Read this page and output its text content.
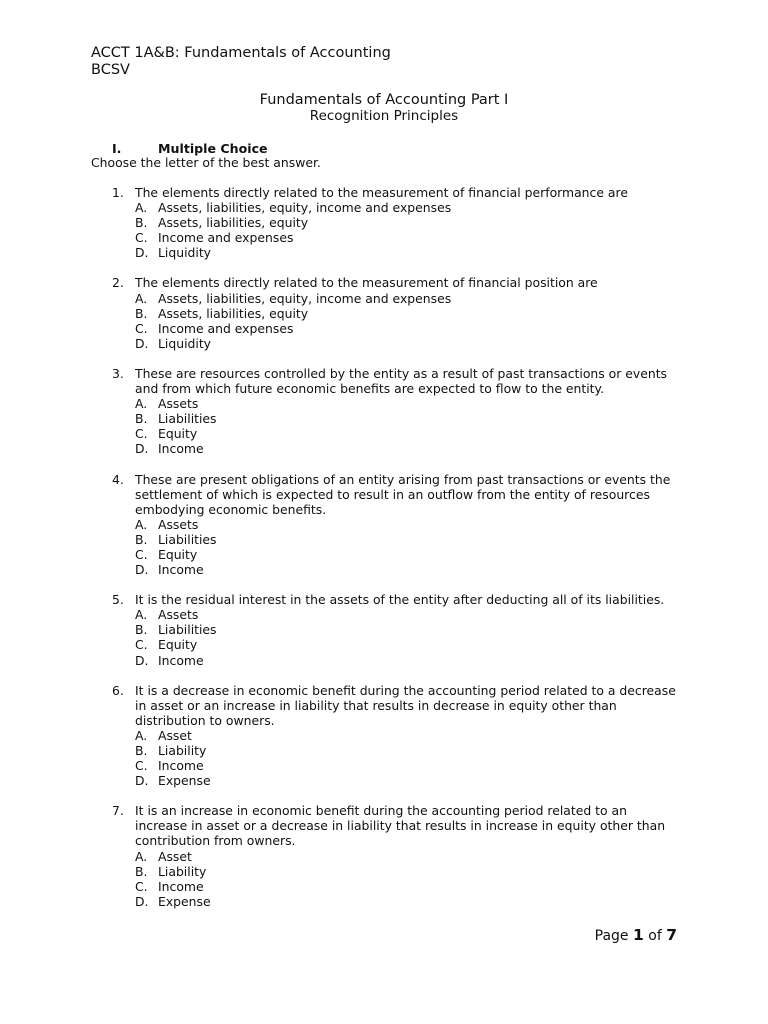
ACCT 1A&B: Fundamentals of Accounting
BCSV
Fundamentals of Accounting Part I
Recognition Principles
I.	Multiple Choice
Choose the letter of the best answer.
1. The elements directly related to the measurement of financial performance are
A. Assets, liabilities, equity, income and expenses
B. Assets, liabilities, equity
C. Income and expenses
D. Liquidity
2. The elements directly related to the measurement of financial position are
A. Assets, liabilities, equity, income and expenses
B. Assets, liabilities, equity
C. Income and expenses
D. Liquidity
3. These are resources controlled by the entity as a result of past transactions or events and from which future economic benefits are expected to flow to the entity.
A. Assets
B. Liabilities
C. Equity
D. Income
4. These are present obligations of an entity arising from past transactions or events the settlement of which is expected to result in an outflow from the entity of resources embodying economic benefits.
A. Assets
B. Liabilities
C. Equity
D. Income
5. It is the residual interest in the assets of the entity after deducting all of its liabilities.
A. Assets
B. Liabilities
C. Equity
D. Income
6. It is a decrease in economic benefit during the accounting period related to a decrease in asset or an increase in liability that results in decrease in equity other than distribution to owners.
A. Asset
B. Liability
C. Income
D. Expense
7. It is an increase in economic benefit during the accounting period related to an increase in asset or a decrease in liability that results in increase in equity other than contribution from owners.
A. Asset
B. Liability
C. Income
D. Expense
Page 1 of 7
